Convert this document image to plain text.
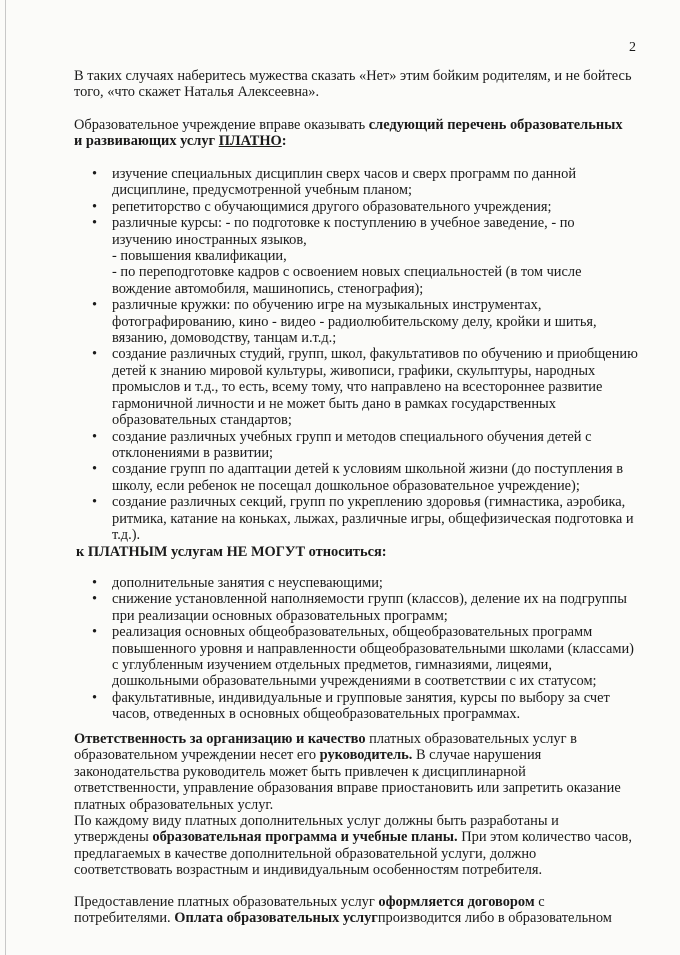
2

В таких случаях наберитесь мужества сказать «Нет» этим бойким родителям, и не бойтесь того, «что скажет Наталья Алексеевна».

Образовательное учреждение вправе оказывать следующий перечень образовательных и развивающих услуг ПЛАТНО:

• изучение специальных дисциплин сверх часов и сверх программ по данной дисциплине, предусмотренной учебным планом;
• репетиторство с обучающимися другого образовательного учреждения;
• различные курсы: - по подготовке к поступлению в учебное заведение, - по изучению иностранных языков,
- повышения квалификации,
- по переподготовке кадров с освоением новых специальностей (в том числе вождение автомобиля, машинопись, стенография);
• различные кружки: по обучению игре на музыкальных инструментах, фотографированию, кино - видео - радиолюбительскому делу, кройки и шитья, вязанию, домоводству, танцам и.т.д.;
• создание различных студий, групп, школ, факультативов по обучению и приобщению детей к знанию мировой культуры, живописи, графики, скульптуры, народных промыслов и т.д., то есть, всему тому, что направлено на всестороннее развитие гармоничной личности и не может быть дано в рамках государственных образовательных стандартов;
• создание различных учебных групп и методов специального обучения детей с отклонениями в развитии;
• создание групп по адаптации детей к условиям школьной жизни (до поступления в школу, если ребенок не посещал дошкольное образовательное учреждение);
• создание различных секций, групп по укреплению здоровья (гимнастика, аэробика, ритмика, катание на коньках, лыжах, различные игры, общефизическая подготовка и т.д.).

к ПЛАТНЫМ услугам НЕ МОГУТ относиться:

• дополнительные занятия с неуспевающими;
• снижение установленной наполняемости групп (классов), деление их на подгруппы при реализации основных образовательных программ;
• реализация основных общеобразовательных, общеобразовательных программ повышенного уровня и направленности общеобразовательными школами (классами) с углубленным изучением отдельных предметов, гимназиями, лицеями, дошкольными образовательными учреждениями в соответствии с их статусом;
• факультативные, индивидуальные и групповые занятия, курсы по выбору за счет часов, отведенных в основных общеобразовательных программах.

Ответственность за организацию и качество платных образовательных услуг в образовательном учреждении несет его руководитель. В случае нарушения законодательства руководитель может быть привлечен к дисциплинарной ответственности, управление образования вправе приостановить или запретить оказание платных образовательных услуг.

По каждому виду платных дополнительных услуг должны быть разработаны и утверждены образовательная программа и учебные планы. При этом количество часов, предлагаемых в качестве дополнительной образовательной услуги, должно соответствовать возрастным и индивидуальным особенностям потребителя.

Предоставление платных образовательных услуг оформляется договором с потребителями. Оплата образовательных услугпроизводится либо в образовательном
